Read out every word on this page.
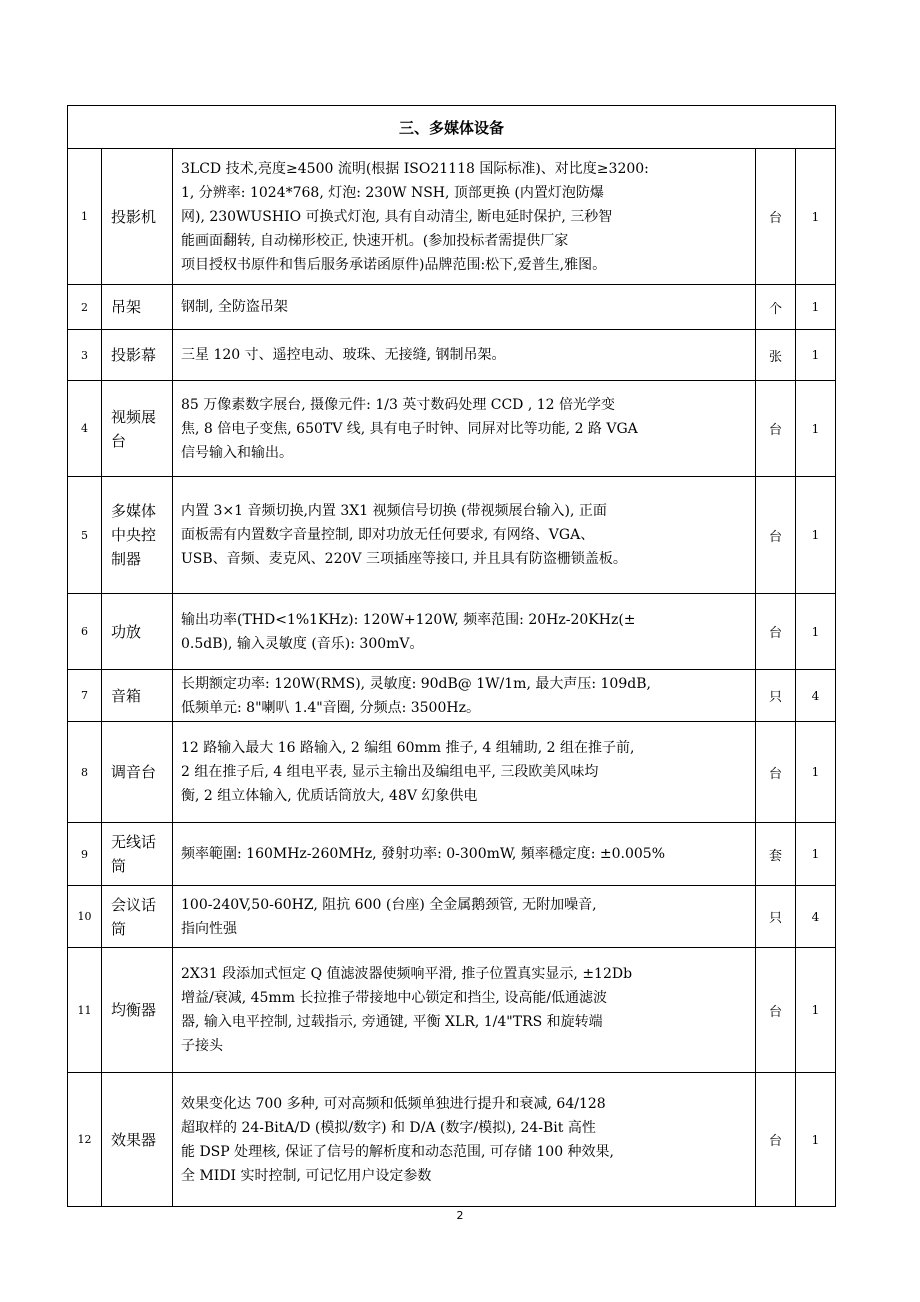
三、多媒体设备				
1	投影机	3LCD 技术,亮度≥4500 流明(根据 ISO21118 国际标准)、对比度≥3200:
1, 分辨率: 1024*768, 灯泡: 230W NSH, 顶部更换 (内置灯泡防爆
网), 230WUSHIO 可换式灯泡, 具有自动清尘, 断电延时保护, 三秒智
能画面翻转, 自动梯形校正, 快速开机。(参加投标者需提供厂家
项目授权书原件和售后服务承诺函原件)品牌范围:松下,爱普生,雅图。	台	1
2	吊架	钢制, 全防盗吊架	个	1
3	投影幕	三星 120 寸、遥控电动、玻珠、无接缝, 钢制吊架。	张	1
4	视频展台	85 万像素数字展台, 摄像元件: 1/3 英寸数码处理 CCD , 12 倍光学变
焦, 8 倍电子变焦, 650TV 线, 具有电子时钟、同屏对比等功能, 2 路 VGA
信号输入和输出。	台	1
5	多媒体中央控制器	内置 3×1 音频切换,内置 3X1 视频信号切换 (带视频展台输入), 正面
面板需有内置数字音量控制, 即对功放无任何要求, 有网络、VGA、
USB、音频、麦克风、220V 三项插座等接口, 并且具有防盗栅锁盖板。	台	1
6	功放	输出功率(THD<1%1KHz): 120W+120W, 频率范围: 20Hz-20KHz(±
0.5dB), 输入灵敏度 (音乐): 300mV。	台	1
7	音箱	长期额定功率: 120W(RMS), 灵敏度: 90dB@ 1W/1m, 最大声压: 109dB,
低频单元: 8"喇叭 1.4"音圈, 分频点: 3500Hz。	只	4
8	调音台	12 路输入最大 16 路输入, 2 编组 60mm 推子, 4 组辅助, 2 组在推子前,
2 组在推子后, 4 组电平表, 显示主输出及编组电平, 三段欧美风味均
衡, 2 组立体输入, 优质话筒放大, 48V 幻象供电	台	1
9	无线话筒	频率範圍: 160MHz-260MHz, 發射功率: 0-300mW, 頻率穩定度: ±0.005%	套	1
10	会议话筒	100-240V,50-60HZ, 阻抗 600 (台座) 全金属鹅颈管, 无附加噪音,
指向性强	只	4
11	均衡器	2X31 段添加式恒定 Q 值滤波器使频响平滑, 推子位置真实显示, ±12Db
增益/衰减, 45mm 长拉推子带接地中心锁定和挡尘, 设高能/低通滤波
器, 输入电平控制, 过载指示, 旁通键, 平衡 XLR, 1/4"TRS 和旋转端
子接头	台	1
12	效果器	效果变化达 700 多种, 可对高频和低频单独进行提升和衰减, 64/128
超取样的 24-BitA/D (模拟/数字) 和 D/A (数字/模拟), 24-Bit 高性
能 DSP 处理核, 保证了信号的解析度和动态范围, 可存储 100 种效果,
全 MIDI 实时控制, 可记忆用户设定参数	台	1
2
